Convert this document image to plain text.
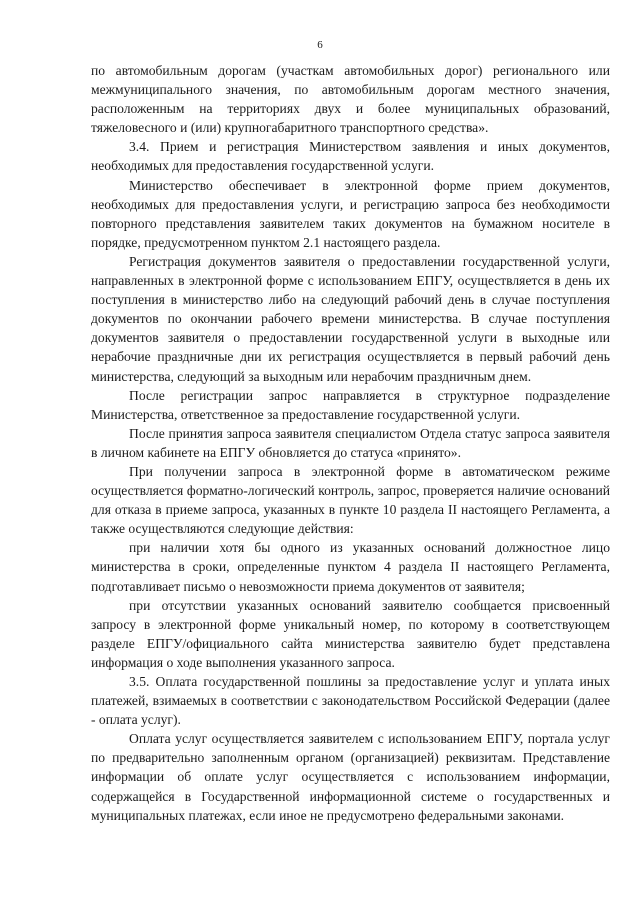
6

по автомобильным дорогам (участкам автомобильных дорог) регионального или межмуниципального значения, по автомобильным дорогам местного значения, расположенным на территориях двух и более муниципальных образований, тяжеловесного и (или) крупногабаритного транспортного средства».

3.4. Прием и регистрация Министерством заявления и иных документов, необходимых для предоставления государственной услуги.

Министерство обеспечивает в электронной форме прием документов, необходимых для предоставления услуги, и регистрацию запроса без необходимости повторного представления заявителем таких документов на бумажном носителе в порядке, предусмотренном пунктом 2.1 настоящего раздела.

Регистрация документов заявителя о предоставлении государственной услуги, направленных в электронной форме с использованием ЕПГУ, осуществляется в день их поступления в министерство либо на следующий рабочий день в случае поступления документов по окончании рабочего времени министерства. В случае поступления документов заявителя о предоставлении государственной услуги в выходные или нерабочие праздничные дни их регистрация осуществляется в первый рабочий день министерства, следующий за выходным или нерабочим праздничным днем.

После регистрации запрос направляется в структурное подразделение Министерства, ответственное за предоставление государственной услуги.

После принятия запроса заявителя специалистом Отдела статус запроса заявителя в личном кабинете на ЕПГУ обновляется до статуса «принято».

При получении запроса в электронной форме в автоматическом режиме осуществляется форматно-логический контроль, запрос, проверяется наличие оснований для отказа в приеме запроса, указанных в пункте 10 раздела II настоящего Регламента, а также осуществляются следующие действия:

при наличии хотя бы одного из указанных оснований должностное лицо министерства в сроки, определенные пунктом 4 раздела II настоящего Регламента, подготавливает письмо о невозможности приема документов от заявителя;

при отсутствии указанных оснований заявителю сообщается присвоенный запросу в электронной форме уникальный номер, по которому в соответствующем разделе ЕПГУ/официального сайта министерства заявителю будет представлена информация о ходе выполнения указанного запроса.

3.5. Оплата государственной пошлины за предоставление услуг и уплата иных платежей, взимаемых в соответствии с законодательством Российской Федерации (далее - оплата услуг).

Оплата услуг осуществляется заявителем с использованием ЕПГУ, портала услуг по предварительно заполненным органом (организацией) реквизитам. Представление информации об оплате услуг осуществляется с использованием информации, содержащейся в Государственной информационной системе о государственных и муниципальных платежах, если иное не предусмотрено федеральными законами.
